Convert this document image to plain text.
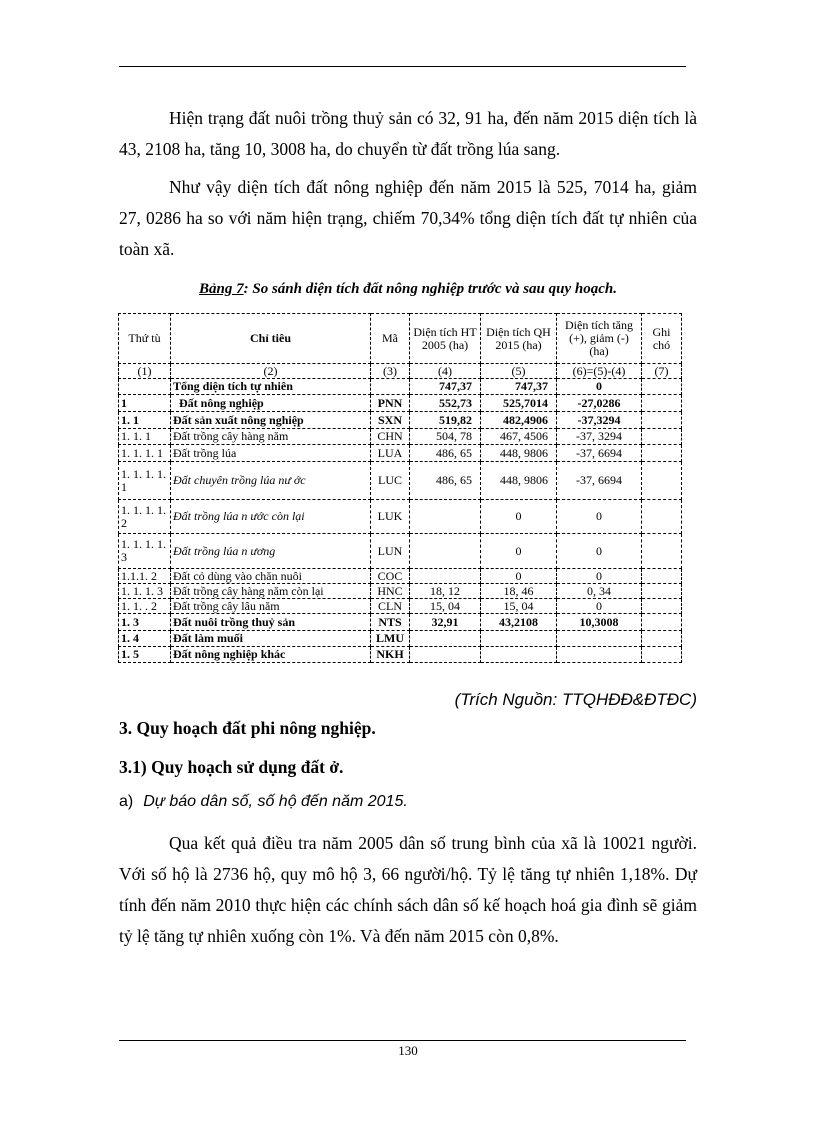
Hiện trạng đất nuôi trồng thuỷ sản có 32, 91 ha, đến năm 2015 diện tích là 43, 2108 ha, tăng 10, 3008 ha, do chuyển từ đất trồng lúa sang.

Như vậy diện tích đất nông nghiệp đến năm 2015 là 525, 7014 ha, giảm 27, 0286 ha so với năm hiện trạng, chiếm 70,34% tổng diện tích đất tự nhiên của toàn xã.

Bảng 7: So sánh diện tích đất nông nghiệp trước và sau quy hoạch.
Thứ tù	Chỉ tiêu	Mã	Diện tích HT 2005 (ha)	Diện tích QH 2015 (ha)	Diện tích tăng (+), giảm (-) (ha)	Ghi chó
(1)	(2)	(3)	(4)	(5)	(6)=(5)-(4)	(7)
	Tổng diện tích tự nhiên		747,37	747,37	0	
1	Đất nông nghiệp	PNN	552,73	525,7014	-27,0286	
1. 1	Đất sản xuất nông nghiệp	SXN	519,82	482,4906	-37,3294	
1. 1. 1	Đất trồng cây hàng năm	CHN	504, 78	467, 4506	-37, 3294	
1. 1. 1. 1	Đất trồng lúa	LUA	486, 65	448, 9806	-37, 6694	
1. 1. 1. 1. 1	Đất chuyên trồng lúa nư ớc	LUC	486, 65	448, 9806	-37, 6694	
1. 1. 1. 1. 2	Đất trồng lúa n ước còn lại	LUK		0	0	
1. 1. 1. 1. 3	Đất trồng lúa n ương	LUN		0	0	
1.1.1. 2	Đất cỏ dùng vào chăn nuôi	COC		0	0	
1. 1. 1. 3	Đất trồng cây hàng năm còn lại	HNC	18, 12	18, 46	0, 34	
1. 1. . 2	Đất trồng cây lâu năm	CLN	15, 04	15, 04	0	
1. 3	Đất nuôi trồng thuỷ sản	NTS	32,91	43,2108	10,3008	
1. 4	Đất làm muối	LMU				
1. 5	Đất nông nghiệp khác	NKH				
(Trích Nguồn: TTQHĐĐ&ĐTĐC)
3. Quy hoạch đất phi nông nghiệp.
3.1) Quy hoạch sử dụng đất ở.
a) Dự báo dân số, số hộ đến năm 2015.

Qua kết quả điều tra năm 2005 dân số trung bình của xã là 10021 người. Với số hộ là 2736 hộ, quy mô hộ 3, 66 người/hộ. Tỷ lệ tăng tự nhiên 1,18%. Dự tính đến năm 2010 thực hiện các chính sách dân số kế hoạch hoá gia đình sẽ giảm tỷ lệ tăng tự nhiên xuống còn 1%. Và đến năm 2015 còn 0,8%.

130
